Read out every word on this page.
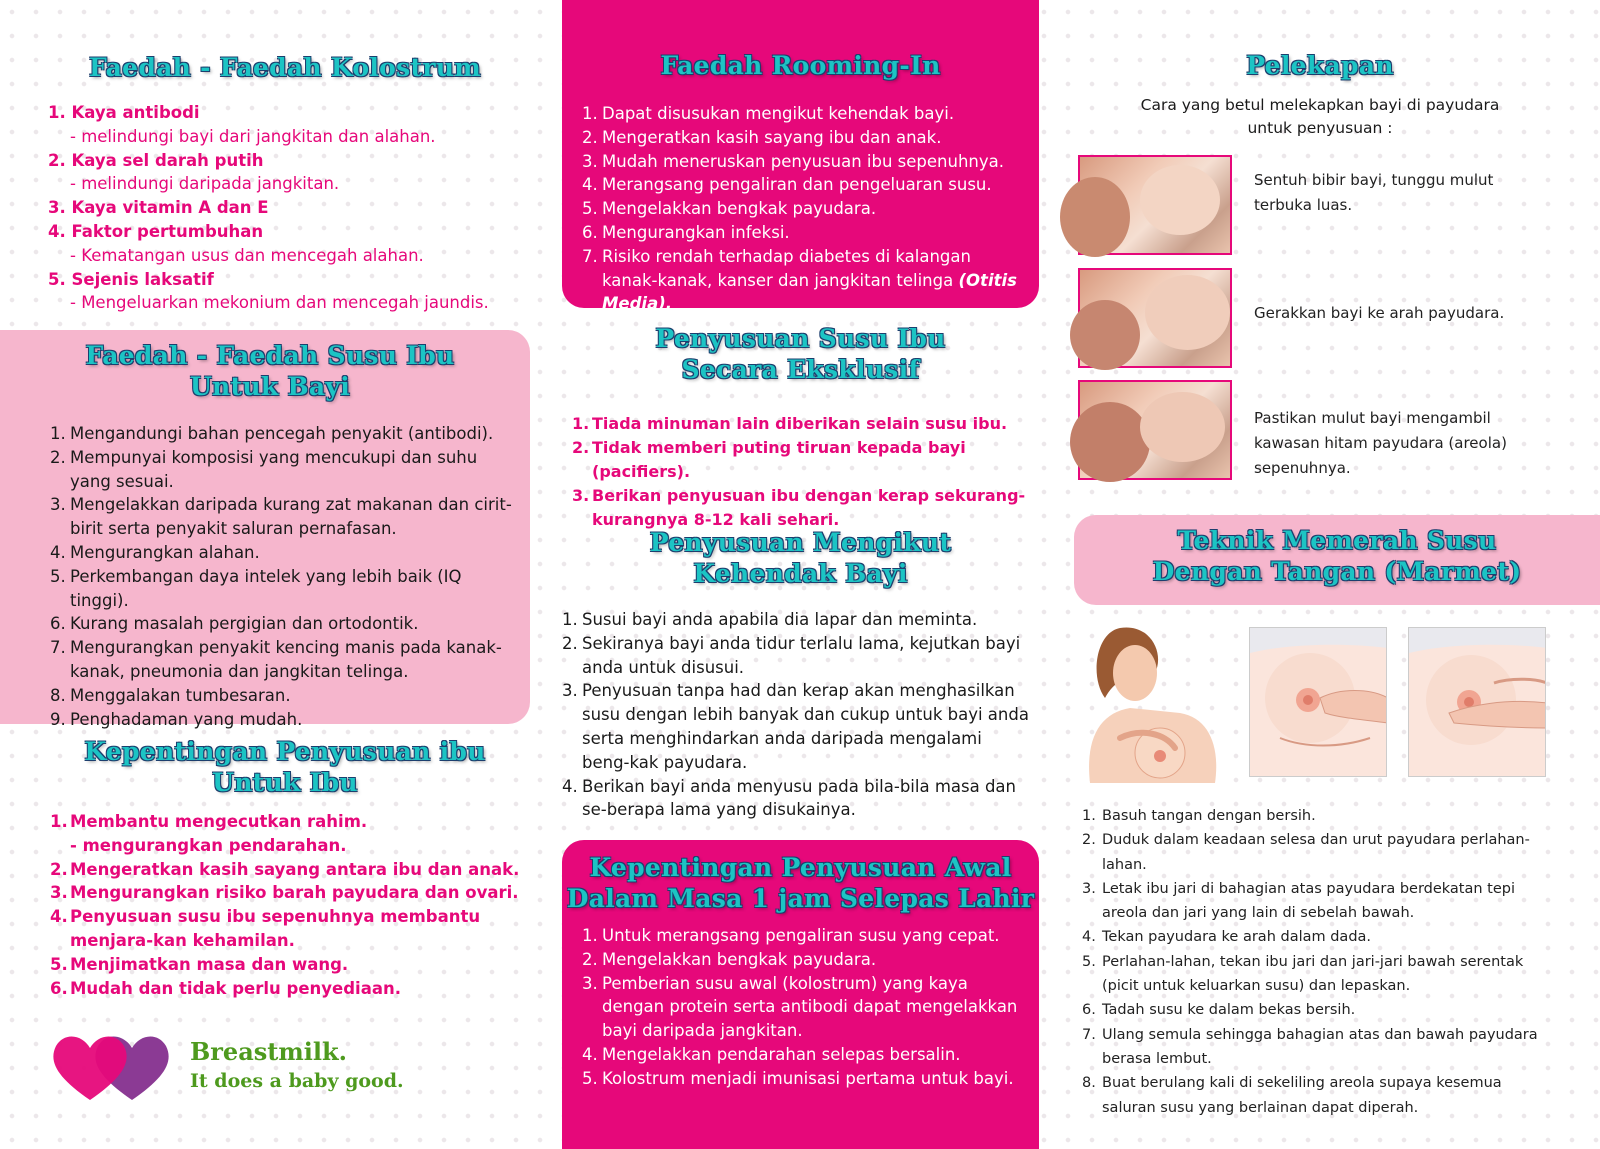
Faedah - Faedah Kolostrum
1. Kaya antibodi
- melindungi bayi dari jangkitan dan alahan.
2. Kaya sel darah putih
- melindungi daripada jangkitan.
3. Kaya vitamin A dan E
4. Faktor pertumbuhan
- Kematangan usus dan mencegah alahan.
5. Sejenis laksatif
- Mengeluarkan mekonium dan mencegah jaundis.
Faedah - Faedah Susu Ibu
Untuk Bayi
1. Mengandungi bahan pencegah penyakit (antibodi).
2. Mempunyai komposisi yang mencukupi dan suhu yang sesuai.
3. Mengelakkan daripada kurang zat makanan dan cirit-birit serta penyakit saluran pernafasan.
4. Mengurangkan alahan.
5. Perkembangan daya intelek yang lebih baik (IQ tinggi).
6. Kurang masalah pergigian dan ortodontik.
7. Mengurangkan penyakit kencing manis pada kanak-kanak, pneumonia dan jangkitan telinga.
8. Menggalakan tumbesaran.
9. Penghadaman yang mudah.
Kepentingan Penyusuan ibu
Untuk Ibu
1. Membantu mengecutkan rahim.
- mengurangkan pendarahan.
2. Mengeratkan kasih sayang antara ibu dan anak.
3. Mengurangkan risiko barah payudara dan ovari.
4. Penyusuan susu ibu sepenuhnya membantu menjara-kan kehamilan.
5. Menjimatkan masa dan wang.
6. Mudah dan tidak perlu penyediaan.
Breastmilk.
It does a baby good.
Faedah Rooming-In
1. Dapat disusukan mengikut kehendak bayi.
2. Mengeratkan kasih sayang ibu dan anak.
3. Mudah meneruskan penyusuan ibu sepenuhnya.
4. Merangsang pengaliran dan pengeluaran susu.
5. Mengelakkan bengkak payudara.
6. Mengurangkan infeksi.
7. Risiko rendah terhadap diabetes di kalangan kanak-kanak, kanser dan jangkitan telinga (Otitis Media).
Penyusuan Susu Ibu
Secara Eksklusif
1. Tiada minuman lain diberikan selain susu ibu.
2. Tidak memberi puting tiruan kepada bayi (pacifiers).
3. Berikan penyusuan ibu dengan kerap sekurang-kurangnya 8-12 kali sehari.
Penyusuan Mengikut
Kehendak Bayi
1. Susui bayi anda apabila dia lapar dan meminta.
2. Sekiranya bayi anda tidur terlalu lama, kejutkan bayi anda untuk disusui.
3. Penyusuan tanpa had dan kerap akan menghasilkan susu dengan lebih banyak dan cukup untuk bayi anda serta menghindarkan anda daripada mengalami beng-kak payudara.
4. Berikan bayi anda menyusu pada bila-bila masa dan se-berapa lama yang disukainya.
Kepentingan Penyusuan Awal
Dalam Masa 1 jam Selepas Lahir
1. Untuk merangsang pengaliran susu yang cepat.
2. Mengelakkan bengkak payudara.
3. Pemberian susu awal (kolostrum) yang kaya dengan protein serta antibodi dapat mengelakkan bayi daripada jangkitan.
4. Mengelakkan pendarahan selepas bersalin.
5. Kolostrum menjadi imunisasi pertama untuk bayi.
Pelekapan
Cara yang betul melekapkan bayi di payudara untuk penyusuan :
Sentuh bibir bayi, tunggu mulut terbuka luas.
Gerakkan bayi ke arah payudara.
Pastikan mulut bayi mengambil kawasan hitam payudara (areola) sepenuhnya.
Teknik Memerah Susu
Dengan Tangan (Marmet)
1. Basuh tangan dengan bersih.
2. Duduk dalam keadaan selesa dan urut payudara perlahan-lahan.
3. Letak ibu jari di bahagian atas payudara berdekatan tepi areola dan jari yang lain di sebelah bawah.
4. Tekan payudara ke arah dalam dada.
5. Perlahan-lahan, tekan ibu jari dan jari-jari bawah serentak (picit untuk keluarkan susu) dan lepaskan.
6. Tadah susu ke dalam bekas bersih.
7. Ulang semula sehingga bahagian atas dan bawah payudara berasa lembut.
8. Buat berulang kali di sekeliling areola supaya kesemua saluran susu yang berlainan dapat diperah.
